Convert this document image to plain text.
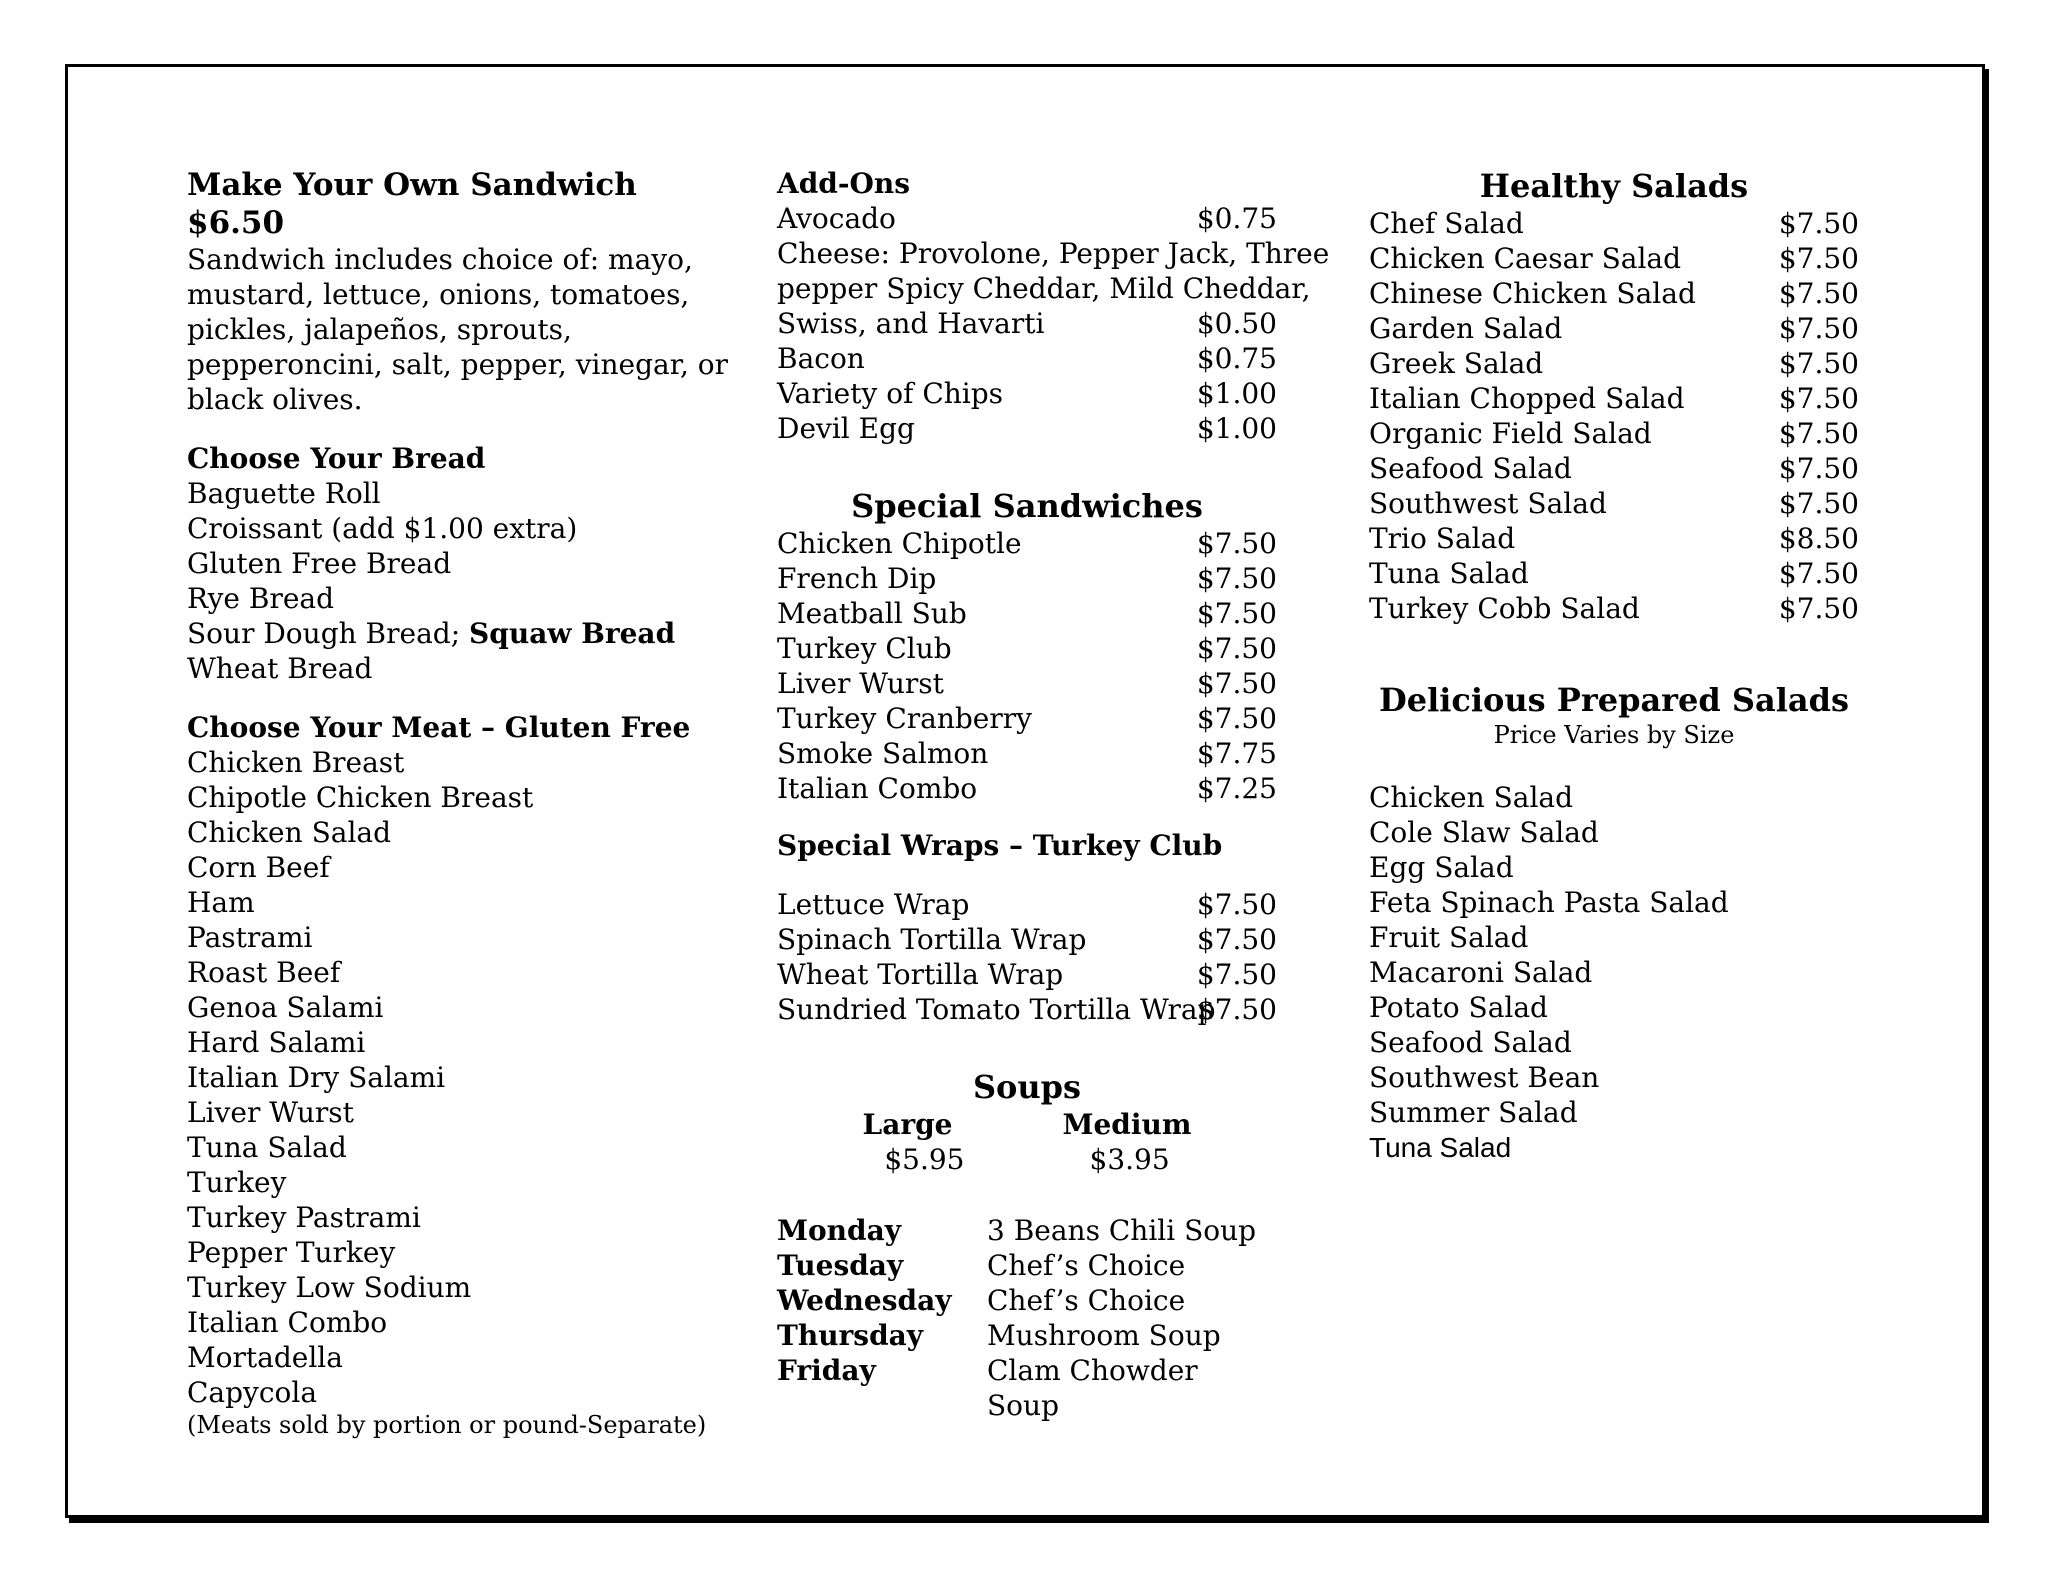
Make Your Own Sandwich $6.50
Sandwich includes choice of: mayo,
mustard, lettuce, onions, tomatoes,
pickles, jalapeños, sprouts,
pepperoncini, salt, pepper, vinegar, or
black olives.
Choose Your Bread
Baguette Roll
Croissant (add $1.00 extra)
Gluten Free Bread
Rye Bread
Sour Dough Bread; Squaw Bread
Wheat Bread
Choose Your Meat – Gluten Free
Chicken Breast
Chipotle Chicken Breast
Chicken Salad
Corn Beef
Ham
Pastrami
Roast Beef
Genoa Salami
Hard Salami
Italian Dry Salami
Liver Wurst
Tuna Salad
Turkey
Turkey Pastrami
Pepper Turkey
Turkey Low Sodium
Italian Combo
Mortadella
Capycola
(Meats sold by portion or pound-Separate)
Add-Ons
Avocado	$0.75
Cheese: Provolone, Pepper Jack, Three
pepper Spicy Cheddar, Mild Cheddar,
Swiss, and Havarti	$0.50
Bacon	$0.75
Variety of Chips	$1.00
Devil Egg	$1.00
Special Sandwiches
Chicken Chipotle	$7.50
French Dip	$7.50
Meatball Sub	$7.50
Turkey Club	$7.50
Liver Wurst	$7.50
Turkey Cranberry	$7.50
Smoke Salmon	$7.75
Italian Combo	$7.25
Special Wraps – Turkey Club
Lettuce Wrap	$7.50
Spinach Tortilla Wrap	$7.50
Wheat Tortilla Wrap	$7.50
Sundried Tomato Tortilla Wrap
$7.50
Soups
Large	Medium
$5.95	$3.95
Monday	3 Beans Chili Soup
Tuesday	Chef’s Choice
Wednesday	Chef’s Choice
Thursday	Mushroom Soup
Friday	Clam Chowder Soup
Healthy Salads
Chef Salad	$7.50
Chicken Caesar Salad	$7.50
Chinese Chicken Salad	$7.50
Garden Salad	$7.50
Greek Salad	$7.50
Italian Chopped Salad	$7.50
Organic Field Salad	$7.50
Seafood Salad	$7.50
Southwest Salad	$7.50
Trio Salad	$8.50
Tuna Salad	$7.50
Turkey Cobb Salad	$7.50
Delicious Prepared Salads
Price Varies by Size
Chicken Salad
Cole Slaw Salad
Egg Salad
Feta Spinach Pasta Salad
Fruit Salad
Macaroni Salad
Potato Salad
Seafood Salad
Southwest Bean
Summer Salad
Tuna Salad
